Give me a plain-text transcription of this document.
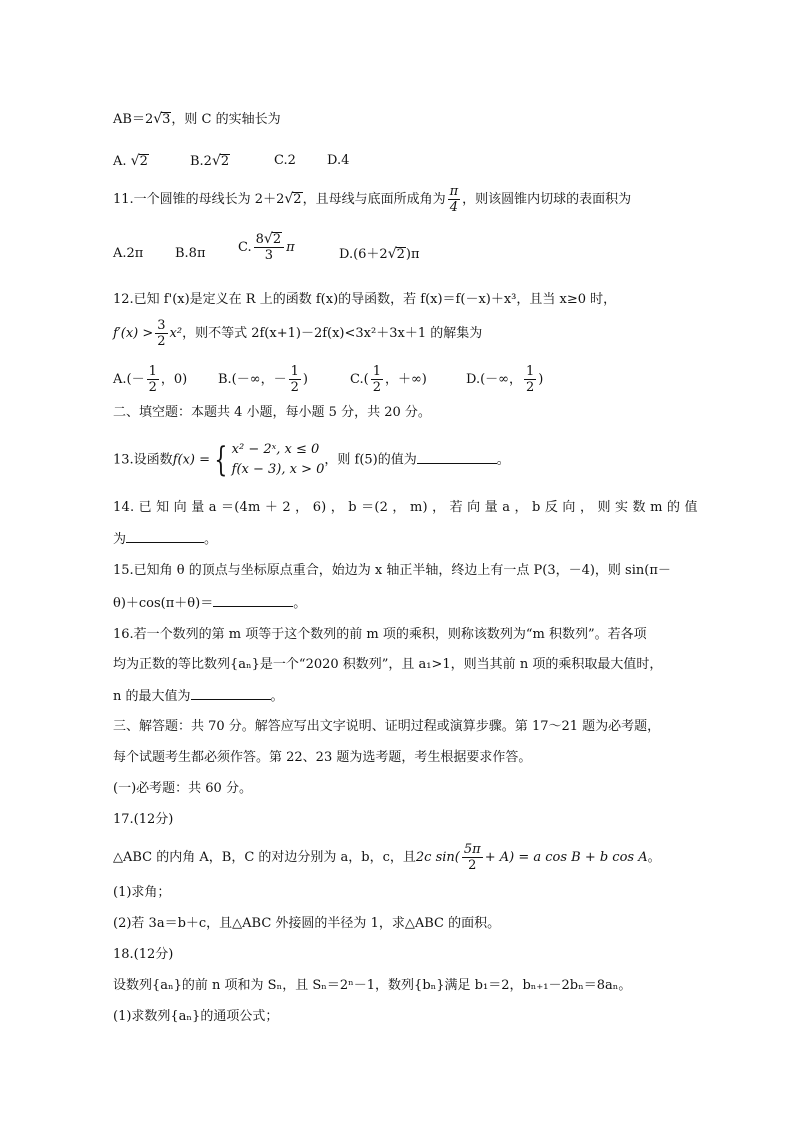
AB＝2√3，则 C 的实轴长为
A. √2	B.2√2	C.2 D.4
11.一个圆锥的母线长为 2＋2√2，且母线与底面所成角为 $\frac{\pi}{4}$ ，则该圆锥内切球的表面积为
A.2π B.8π C. $\frac{8√2}{3}$ π	D.(6＋2√2)π
12.已知 f'(x)是定义在 R 上的函数 f(x)的导函数，若 f(x)＝f(－x)＋x³，且当 x≥0 时，
$f'(x) > \frac{3}{2} x^2$，则不等式 2f(x+1)－2f(x)<3x²＋3x＋1 的解集为
$A.(- \frac{1}{2}$ ，0) B.(－∞，－ $\frac{1}{2}$ )	$C.( \frac{1}{2}$ ，＋∞)	D.(－∞， $\frac{1}{2}$ )
二、填空题：本题共 4 小题，每小题 5 分，共 20 分。
13.设函数f(x) = { x² − 2ˣ, x ≤ 0
f(x − 3), x > 0
，则 f(5)的值为	。
14. 已 知 向 量 a ＝(4m ＋ 2 ， 6) ， b ＝(2 ， m) ， 若 向 量 a ， b 反 向 ， 则 实 数 m 的 值
为	。
15.已知角 θ 的顶点与坐标原点重合，始边为 x 轴正半轴，终边上有一点 P(3，－4)，则 sin(π－
θ)＋cos(π＋θ)＝	。
16.若一个数列的第 m 项等于这个数列的前 m 项的乘积，则称该数列为“m 积数列”。若各项
均为正数的等比数列{aₙ}是一个“2020 积数列”，且 a₁>1，则当其前 n 项的乘积取最大值时，
n 的最大值为	。
三、解答题：共 70 分。解答应写出文字说明、证明过程或演算步骤。第 17～21 题为必考题，
每个试题考生都必须作答。第 22、23 题为选考题，考生根据要求作答。
(一)必考题：共 60 分。
17.(12分)
△ABC 的内角 A，B，C 的对边分别为 a，b，c，且2c $\sin( \frac{5\pi}{2} + A) = a$ cos B + b cos A。
(1)求角；
(2)若 3a＝b＋c，且△ABC 外接圆的半径为 1，求△ABC 的面积。
18.(12分)
设数列{aₙ}的前 n 项和为 Sₙ，且 Sₙ＝2ⁿ－1，数列{bₙ}满足 b₁＝2，bₙ₊₁－2bₙ＝8aₙ。
(1)求数列{aₙ}的通项公式；
